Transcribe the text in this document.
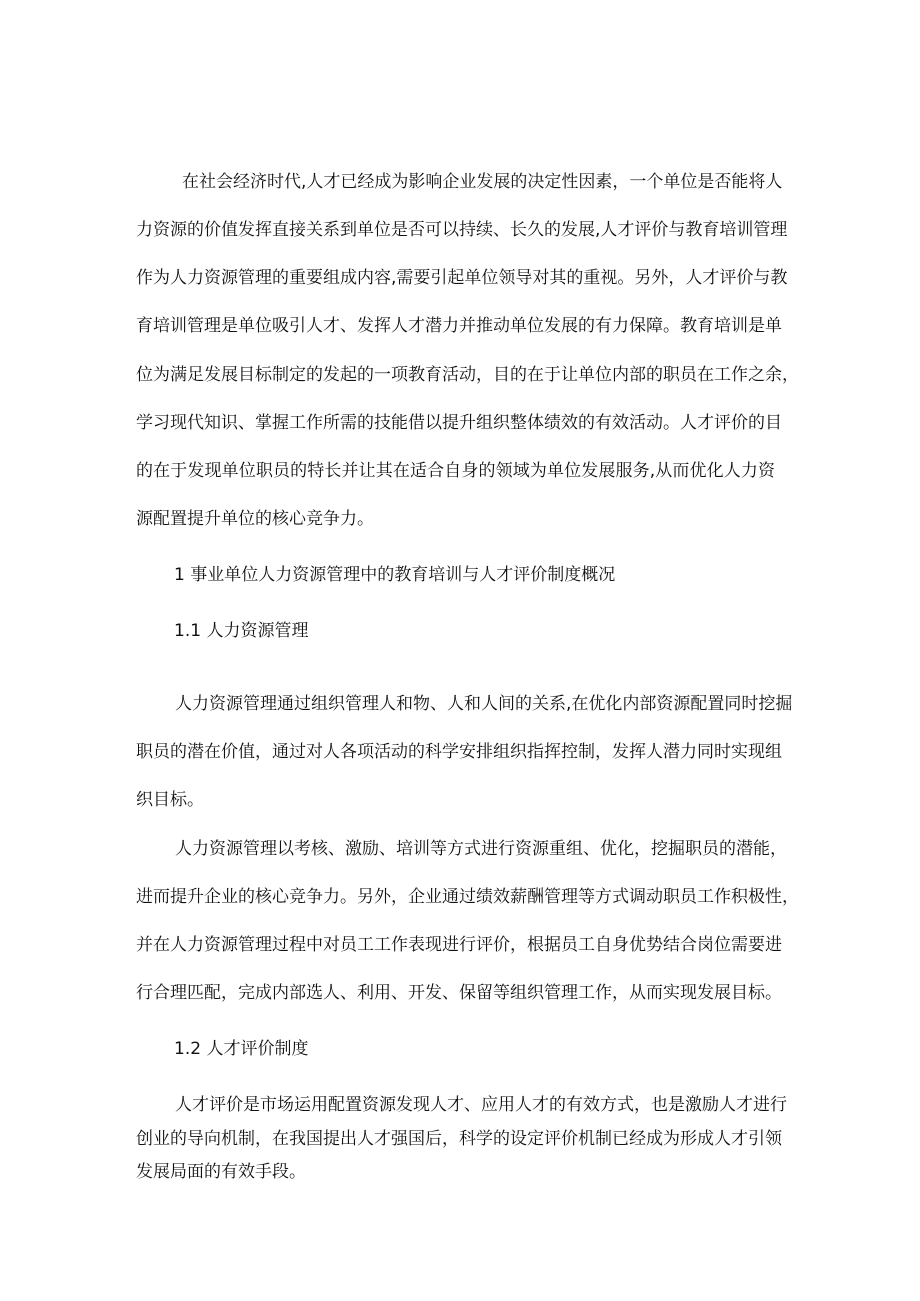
在社会经济时代,人才已经成为影响企业发展的决定性因素，一个单位是否能将人
力资源的价值发挥直接关系到单位是否可以持续、长久的发展,人才评价与教育培训管理
作为人力资源管理的重要组成内容,需要引起单位领导对其的重视。另外，人才评价与教
育培训管理是单位吸引人才、发挥人才潜力并推动单位发展的有力保障。教育培训是单
位为满足发展目标制定的发起的一项教育活动，目的在于让单位内部的职员在工作之余，
学习现代知识、掌握工作所需的技能借以提升组织整体绩效的有效活动。人才评价的目
的在于发现单位职员的特长并让其在适合自身的领域为单位发展服务,从而优化人力资
源配置提升单位的核心竞争力。
1 事业单位人力资源管理中的教育培训与人才评价制度概况
1.1 人力资源管理
人力资源管理通过组织管理人和物、人和人间的关系,在优化内部资源配置同时挖掘
职员的潜在价值，通过对人各项活动的科学安排组织指挥控制，发挥人潜力同时实现组
织目标。
人力资源管理以考核、激励、培训等方式进行资源重组、优化，挖掘职员的潜能，
进而提升企业的核心竞争力。另外，企业通过绩效薪酬管理等方式调动职员工作积极性，
并在人力资源管理过程中对员工工作表现进行评价，根据员工自身优势结合岗位需要进
行合理匹配，完成内部选人、利用、开发、保留等组织管理工作，从而实现发展目标。
1.2 人才评价制度
人才评价是市场运用配置资源发现人才、应用人才的有效方式，也是激励人才进行
创业的导向机制，在我国提出人才强国后，科学的设定评价机制已经成为形成人才引领
发展局面的有效手段。
